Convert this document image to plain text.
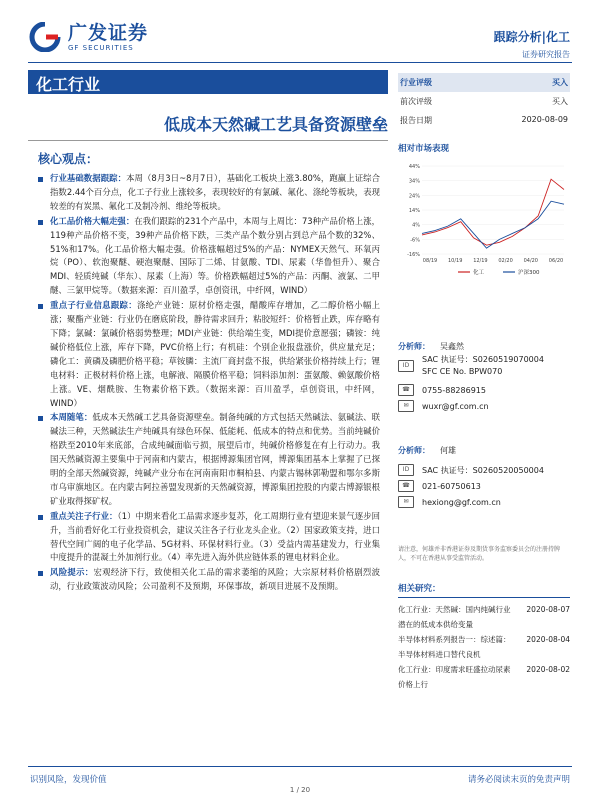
广发证券
GF SECURITIES
跟踪分析|化工
证券研究报告
化工行业
低成本天然碱工艺具备资源壁垒
核心观点：
行业基础数据跟踪：本周（8月3日~8月7日），基础化工板块上涨3.80%，跑赢上证综合指数2.44个百分点，化工子行业上涨较多，表现较好的有氯碱、氟化、涤纶等板块，表现较差的有炭黑、氟化工及制冷剂、维纶等板块。
化工品价格大幅走强：在我们跟踪的231个产品中，本周与上周比：73种产品价格上涨，119种产品价格不变，39种产品价格下跌，三类产品个数分别占到总产品个数的32%、51%和17%。化工品价格大幅走强。价格涨幅超过5%的产品：NYMEX天然气、环氧丙烷（PO）、软泡聚醚、硬泡聚醚、国际丁二烯、甘氨酸、TDI、尿素（华鲁恒升）、聚合MDI、轻质纯碱（华东）、尿素（上海）等。价格跌幅超过5%的产品：丙酮、液氯、二甲醚、三氯甲烷等。（数据来源：百川盈孚，卓创资讯，中纤网，WIND）
重点子行业信息跟踪：涤纶产业链：原材价格走强，醋酸库存增加，乙二醇价格小幅上涨；聚酯产业链：行业仍在磨底阶段，静待需求回升；粘胶短纤：价格暂止跌，库存略有下降；氯碱：氯碱价格弱势整理；MDI产业链：供给端生变，MDI提价意愿强；磷铵：纯碱价格低位上涨，库存下降，PVC价格上行；有机硅：个别企业报盘涨价，供应量充足；磷化工：黄磷及磷肥价格平稳；草铵膦：主流厂商封盘不报，供给紧张价格持续上行；锂电材料：正极材料价格上涨，电解液、隔膜价格平稳；饲料添加剂：蛋氨酸、赖氨酸价格上涨。VE、烟酰胺、生物素价格下跌。（数据来源：百川盈孚，卓创资讯，中纤网，WIND）
本周随笔：低成本天然碱工艺具备资源壁垒。制备纯碱的方式包括天然碱法、氨碱法、联碱法三种，天然碱法生产纯碱具有绿色环保、低能耗、低成本的特点和优势。当前纯碱价格跌至2010年来底部，合成纯碱面临亏损，展望后市，纯碱价格修复在有上行动力。我国天然碱资源主要集中于河南和内蒙古，根据博源集团官网，博源集团基本上掌握了已探明的全部天然碱资源，纯碱产业分布在河南南阳市桐柏县、内蒙古锡林郭勒盟和鄂尔多斯市乌审旗地区。在内蒙古阿拉善盟发现新的天然碱资源，博源集团控股的内蒙古博源银根矿业取得探矿权。
重点关注子行业：（1）中期来看化工品需求逐步复苏，化工周期行业有望迎来景气逐步回升，当前看好化工行业投资机会，建议关注各子行业龙头企业。（2）国家政策支持，进口替代空间广阔的电子化学品、5G材料、环保材料行业。（3）受益内需基建发力，行业集中度提升的混凝土外加剂行业。（4）率先进入海外供应链体系的锂电材料企业。
风险提示：宏观经济下行，致使相关化工品的需求萎缩的风险；大宗原材料价格剧烈波动，行业政策波动风险；公司盈利不及预期，环保事故，新项目进展不及预期。
行业评级	买入
前次评级	买入
报告日期	2020-08-09
相对市场表现
44%
34%
24%
14%
4%
-6%
-16%
08/19 10/19 12/19 02/20 04/20 06/20
化工	沪深300
分析师： 吴鑫然
ID
SAC 执证号：S0260519070004
SFC CE No. BPW070
☎	0755-88286915
✉	wuxr@gf.com.cn
分析师： 何雄
ID	SAC 执证号：S0260520050004
☎	021-60750613
✉	hexiong@gf.com.cn
请注意，何雄并非香港证券及期货事务监察委员会的注册持牌人，不可在香港从事受监管活动。
相关研究：
化工行业：天然碱：国内纯碱行业潜在的低成本供给变量
2020-08-07
半导体材料系列报告一：综述篇：半导体材料进口替代良机
2020-08-04
化工行业：印度需求旺盛拉动尿素价格上行
2020-08-02
识别风险，发现价值	请务必阅读末页的免责声明
1 / 20
